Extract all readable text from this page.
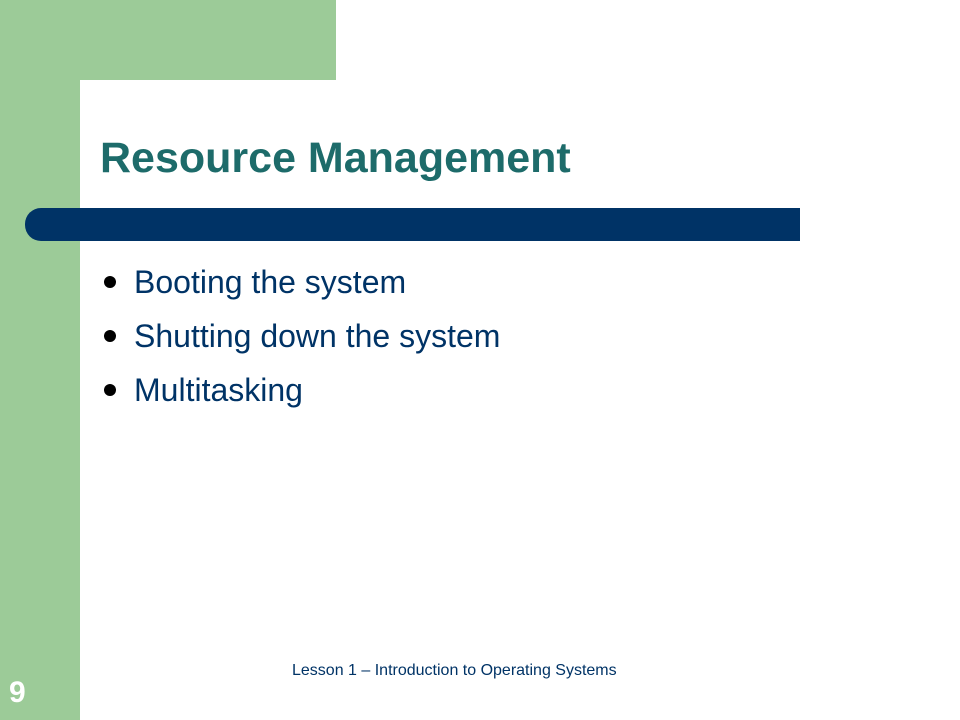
Resource Management
Booting the system
Shutting down the system
Multitasking
Lesson 1 – Introduction to Operating Systems
9
